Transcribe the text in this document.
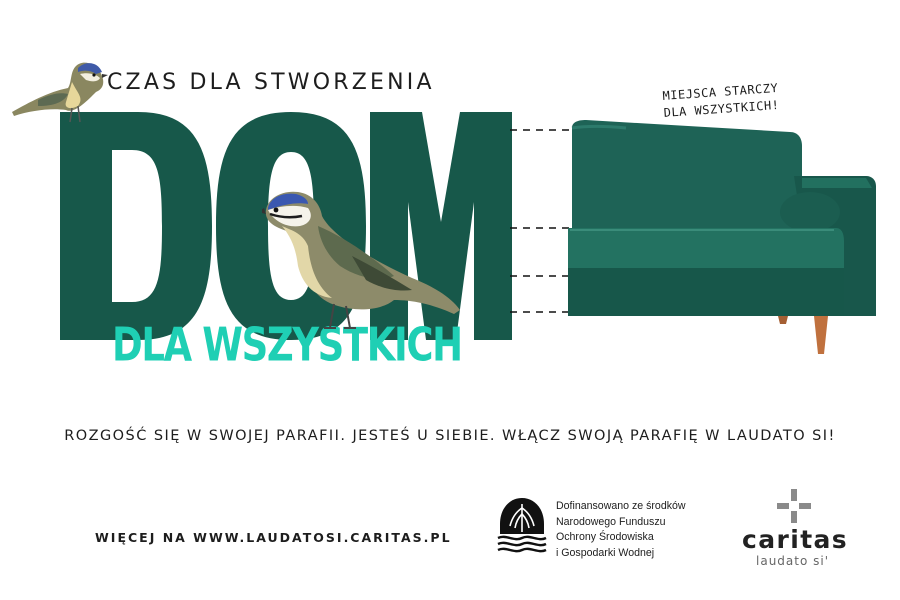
CZAS DLA STWORZENIA
DLA WSZYSTKICH
MIEJSCA STARCZY
DLA WSZYSTKICH!
ROZGOŚĆ SIĘ W SWOJEJ PARAFII. JESTEŚ U SIEBIE. WŁĄCZ SWOJĄ PARAFIĘ W LAUDATO SI!
WIĘCEJ NA WWW.LAUDATOSI.CARITAS.PL
Dofinansowano ze środków
Narodowego Funduszu
Ochrony Środowiska
i Gospodarki Wodnej	caritas
laudato si'
